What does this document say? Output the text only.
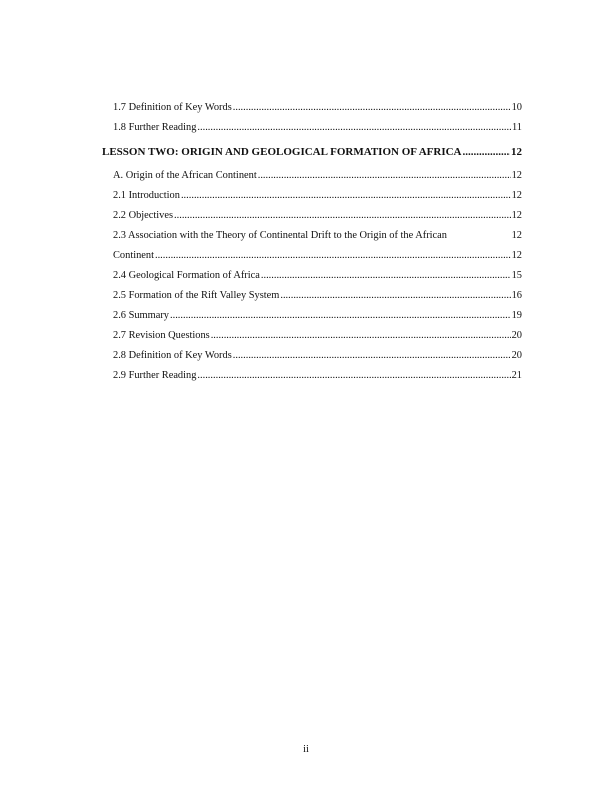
1.7 Definition of Key Words .....	10
1.8 Further Reading .....	11
LESSON TWO: ORIGIN AND GEOLOGICAL FORMATION OF AFRICA .....	12
A. Origin of the African Continent .....	12
2.1 Introduction .....	12
2.2 Objectives .....	12
2.3 Association with the Theory of Continental Drift to the Origin of the African	12
Continent .....	12
2.4 Geological Formation of Africa .....	15
2.5 Formation of the Rift Valley System .....	16
2.6 Summary .....	19
2.7 Revision Questions .....	20
2.8 Definition of Key Words .....	20
2.9 Further Reading .....	21
ii
